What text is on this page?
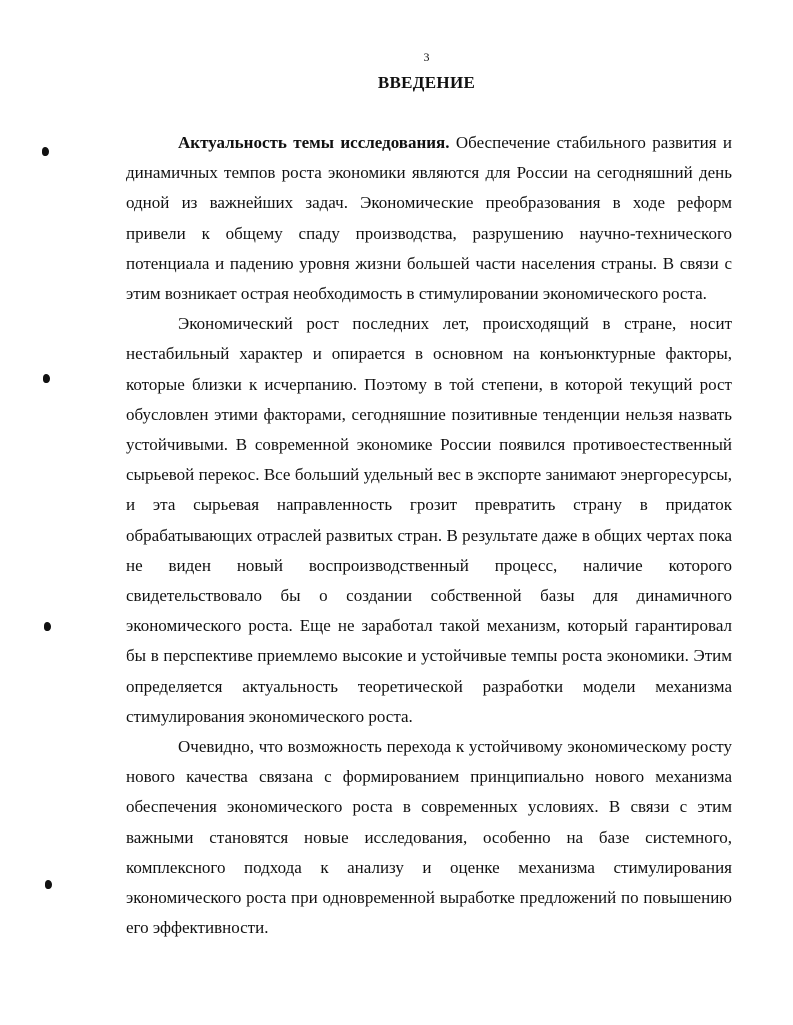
3
ВВЕДЕНИЕ

Актуальность темы исследования. Обеспечение стабильного развития и динамичных темпов роста экономики являются для России на сегодняшний день одной из важнейших задач. Экономические преобразования в ходе реформ привели к общему спаду производства, разрушению научно-технического потенциала и падению уровня жизни большей части населения страны. В связи с этим возникает острая необходимость в стимулировании экономического роста.

Экономический рост последних лет, происходящий в стране, носит нестабильный характер и опирается в основном на конъюнктурные факторы, которые близки к исчерпанию. Поэтому в той степени, в которой текущий рост обусловлен этими факторами, сегодняшние позитивные тенденции нельзя назвать устойчивыми. В современной экономике России появился противоестественный сырьевой перекос. Все больший удельный вес в экспорте занимают энергоресурсы, и эта сырьевая направленность грозит превратить страну в придаток обрабатывающих отраслей развитых стран. В результате даже в общих чертах пока не виден новый воспроизводственный процесс, наличие которого свидетельствовало бы о создании собственной базы для динамичного экономического роста. Еще не заработал такой механизм, который гарантировал бы в перспективе приемлемо высокие и устойчивые темпы роста экономики. Этим определяется актуальность теоретической разработки модели механизма стимулирования экономического роста.

Очевидно, что возможность перехода к устойчивому экономическому росту нового качества связана с формированием принципиально нового механизма обеспечения экономического роста в современных условиях. В связи с этим важными становятся новые исследования, особенно на базе системного, комплексного подхода к анализу и оценке механизма стимулирования экономического роста при одновременной выработке предложений по повышению его эффективности.
